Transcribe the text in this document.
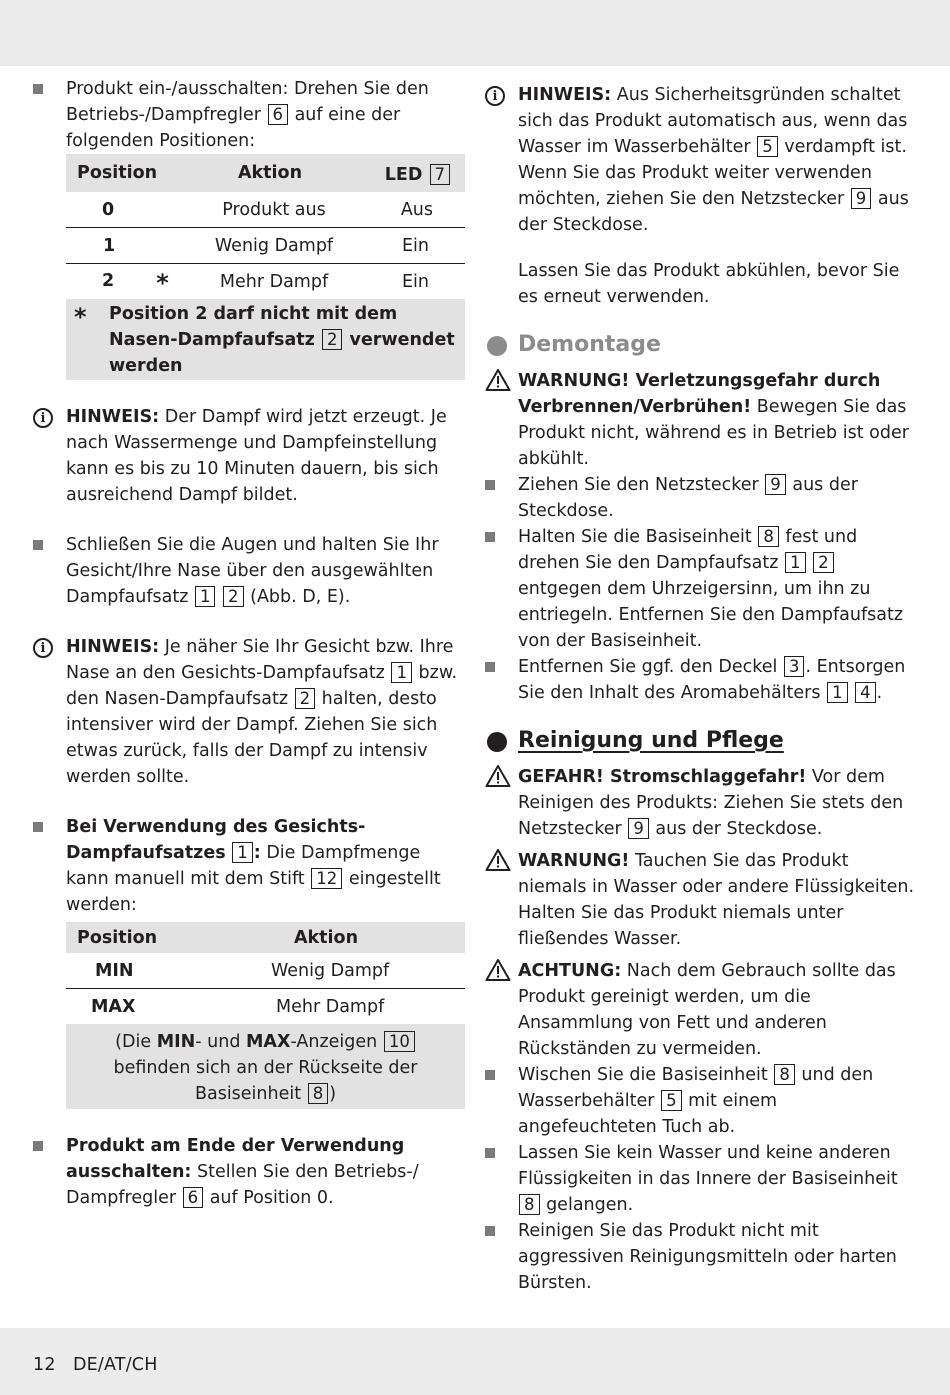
Produkt ein-/ausschalten: Drehen Sie den Betriebs-/Dampfregler 6 auf eine der folgenden Positionen:
Position	Aktion	LED 7
0	Produkt aus	Aus
1	Wenig Dampf	Ein
2 *	Mehr Dampf	Ein
* Position 2 darf nicht mit dem Nasen-Dampfaufsatz 2 verwendet werden
i	HINWEIS: Der Dampf wird jetzt erzeugt. Je nach Wassermenge und Dampfeinstellung kann es bis zu 10 Minuten dauern, bis sich ausreichend Dampf bildet.
Schließen Sie die Augen und halten Sie Ihr Gesicht/Ihre Nase über den ausgewählten Dampfaufsatz 1 2 (Abb. D, E).
i	HINWEIS: Je näher Sie Ihr Gesicht bzw. Ihre Nase an den Gesichts-Dampfaufsatz 1 bzw. den Nasen-Dampfaufsatz 2 halten, desto intensiver wird der Dampf. Ziehen Sie sich etwas zurück, falls der Dampf zu intensiv werden sollte.
Bei Verwendung des Gesichts-Dampfaufsatzes 1 : Die Dampfmenge kann manuell mit dem Stift 12 eingestellt werden:
Position	Aktion
MIN	Wenig Dampf
MAX	Mehr Dampf
(Die MIN- und MAX-Anzeigen 10 befinden sich an der Rückseite der Basiseinheit 8 )
Produkt am Ende der Verwendung ausschalten: Stellen Sie den Betriebs-/ Dampfregler 6 auf Position 0.
i	HINWEIS: Aus Sicherheitsgründen schaltet sich das Produkt automatisch aus, wenn das Wasser im Wasserbehälter 5 verdampft ist. Wenn Sie das Produkt weiter verwenden möchten, ziehen Sie den Netzstecker 9 aus der Steckdose.
Lassen Sie das Produkt abkühlen, bevor Sie es erneut verwenden.
Demontage
WARNUNG! Verletzungsgefahr durch Verbrennen/Verbrühen! Bewegen Sie das Produkt nicht, während es in Betrieb ist oder abkühlt.
Ziehen Sie den Netzstecker 9 aus der Steckdose.
Halten Sie die Basiseinheit 8 fest und drehen Sie den Dampfaufsatz 1 2 entgegen dem Uhrzeigersinn, um ihn zu entriegeln. Entfernen Sie den Dampfaufsatz von der Basiseinheit.
Entfernen Sie ggf. den Deckel 3 . Entsorgen Sie den Inhalt des Aromabehälters 1 4 .
Reinigung und Pflege
GEFAHR! Stromschlaggefahr! Vor dem Reinigen des Produkts: Ziehen Sie stets den Netzstecker 9 aus der Steckdose.
WARNUNG! Tauchen Sie das Produkt niemals in Wasser oder andere Flüssigkeiten. Halten Sie das Produkt niemals unter fließendes Wasser.
ACHTUNG: Nach dem Gebrauch sollte das Produkt gereinigt werden, um die Ansammlung von Fett und anderen Rückständen zu vermeiden.
Wischen Sie die Basiseinheit 8 und den Wasserbehälter 5 mit einem angefeuchteten Tuch ab.
Lassen Sie kein Wasser und keine anderen Flüssigkeiten in das Innere der Basiseinheit 8 gelangen.
Reinigen Sie das Produkt nicht mit aggressiven Reinigungsmitteln oder harten Bürsten.
12 DE/AT/CH
